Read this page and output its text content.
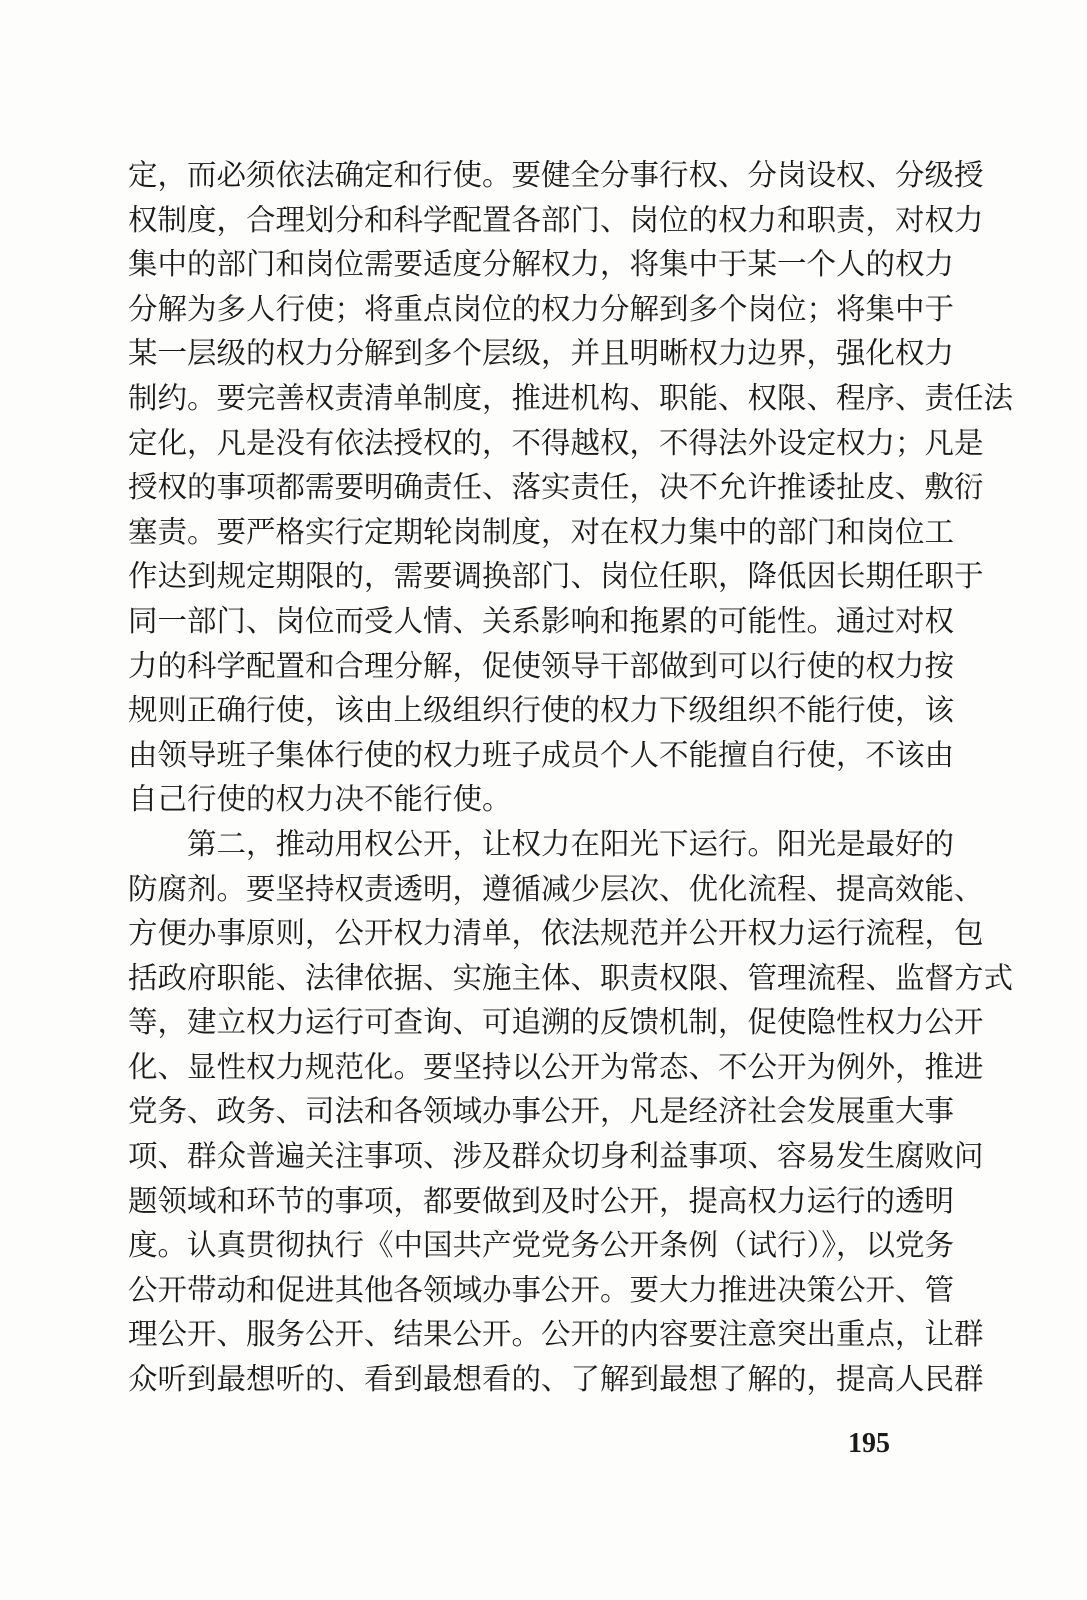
定，而必须依法确定和行使。要健全分事行权、分岗设权、分级授
权制度，合理划分和科学配置各部门、岗位的权力和职责，对权力
集中的部门和岗位需要适度分解权力，将集中于某一个人的权力
分解为多人行使；将重点岗位的权力分解到多个岗位；将集中于
某一层级的权力分解到多个层级，并且明晰权力边界，强化权力
制约。要完善权责清单制度，推进机构、职能、权限、程序、责任法
定化，凡是没有依法授权的，不得越权，不得法外设定权力；凡是
授权的事项都需要明确责任、落实责任，决不允许推诿扯皮、敷衍
塞责。要严格实行定期轮岗制度，对在权力集中的部门和岗位工
作达到规定期限的，需要调换部门、岗位任职，降低因长期任职于
同一部门、岗位而受人情、关系影响和拖累的可能性。通过对权
力的科学配置和合理分解，促使领导干部做到可以行使的权力按
规则正确行使，该由上级组织行使的权力下级组织不能行使，该
由领导班子集体行使的权力班子成员个人不能擅自行使，不该由
自己行使的权力决不能行使。
　　第二，推动用权公开，让权力在阳光下运行。阳光是最好的
防腐剂。要坚持权责透明，遵循减少层次、优化流程、提高效能、
方便办事原则，公开权力清单，依法规范并公开权力运行流程，包
括政府职能、法律依据、实施主体、职责权限、管理流程、监督方式
等，建立权力运行可查询、可追溯的反馈机制，促使隐性权力公开
化、显性权力规范化。要坚持以公开为常态、不公开为例外，推进
党务、政务、司法和各领域办事公开，凡是经济社会发展重大事
项、群众普遍关注事项、涉及群众切身利益事项、容易发生腐败问
题领域和环节的事项，都要做到及时公开，提高权力运行的透明
度。认真贯彻执行《中国共产党党务公开条例（试行）》，以党务
公开带动和促进其他各领域办事公开。要大力推进决策公开、管
理公开、服务公开、结果公开。公开的内容要注意突出重点，让群
众听到最想听的、看到最想看的、了解到最想了解的，提高人民群
195
